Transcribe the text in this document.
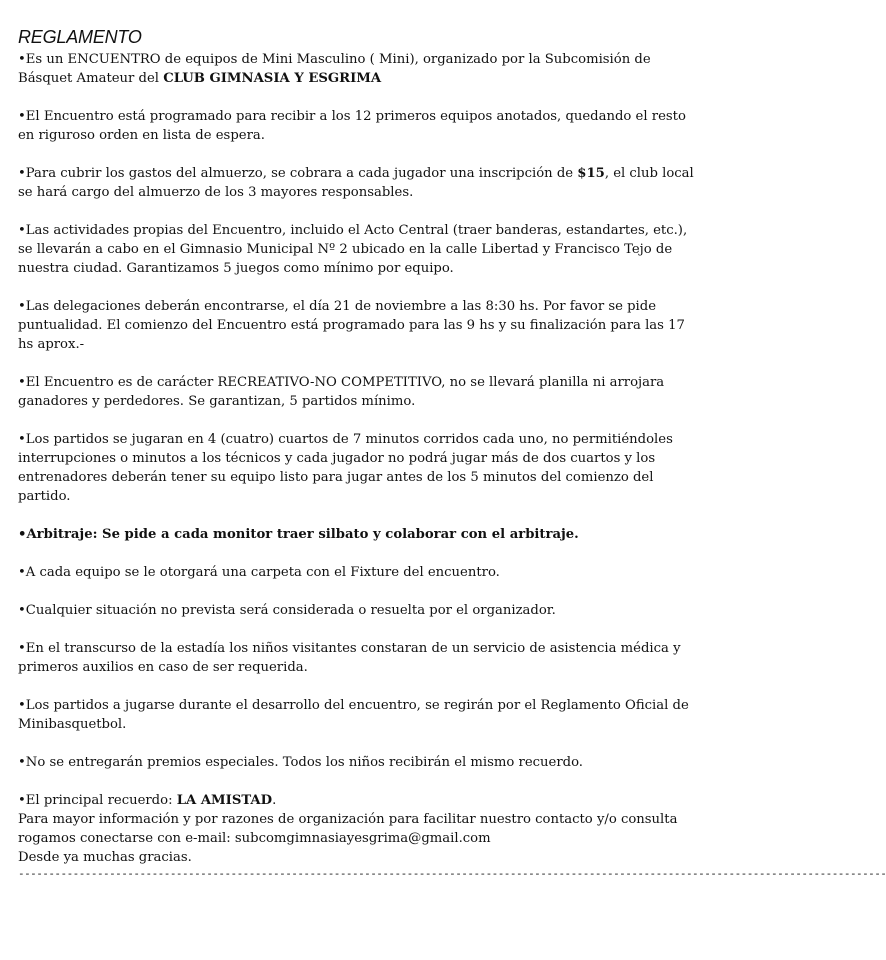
REGLAMENTO

•Es un ENCUENTRO de equipos de Mini Masculino ( Mini), organizado por la Subcomisión de Básquet Amateur del CLUB GIMNASIA Y ESGRIMA

•El Encuentro está programado para recibir a los 12 primeros equipos anotados, quedando el resto en riguroso orden en lista de espera.

•Para cubrir los gastos del almuerzo, se cobrara a cada jugador una inscripción de $15, el club local se hará cargo del almuerzo de los 3 mayores responsables.

•Las actividades propias del Encuentro, incluido el Acto Central (traer banderas, estandartes, etc.), se llevarán a cabo en el Gimnasio Municipal Nº 2 ubicado en la calle Libertad y Francisco Tejo de nuestra ciudad. Garantizamos 5 juegos como mínimo por equipo.

•Las delegaciones deberán encontrarse, el día 21 de noviembre a las 8:30 hs. Por favor se pide puntualidad. El comienzo del Encuentro está programado para las 9 hs y su finalización para las 17 hs aprox.-

•El Encuentro es de carácter RECREATIVO-NO COMPETITIVO, no se llevará planilla ni arrojara ganadores y perdedores. Se garantizan, 5 partidos mínimo.

•Los partidos se jugaran en 4 (cuatro) cuartos de 7 minutos corridos cada uno, no permitiéndoles interrupciones o minutos a los técnicos y cada jugador no podrá jugar más de dos cuartos y los entrenadores deberán tener su equipo listo para jugar antes de los 5 minutos del comienzo del partido.

•Arbitraje: Se pide a cada monitor traer silbato y colaborar con el arbitraje.

•A cada equipo se le otorgará una carpeta con el Fixture del encuentro.

•Cualquier situación no prevista será considerada o resuelta por el organizador.

•En el transcurso de la estadía los niños visitantes constaran de un servicio de asistencia médica y primeros auxilios en caso de ser requerida.

•Los partidos a jugarse durante el desarrollo del encuentro, se regirán por el Reglamento Oficial de Minibasquetbol.

•No se entregarán premios especiales. Todos los niños recibirán el mismo recuerdo.

•El principal recuerdo: LA AMISTAD.

Para mayor información y por razones de organización para facilitar nuestro contacto y/o consulta rogamos conectarse con e-mail: subcomgimnasiayesgrima@gmail.com

Desde ya muchas gracias.

-----------------------------------------------------------------------------------------------------------------------------------------------
